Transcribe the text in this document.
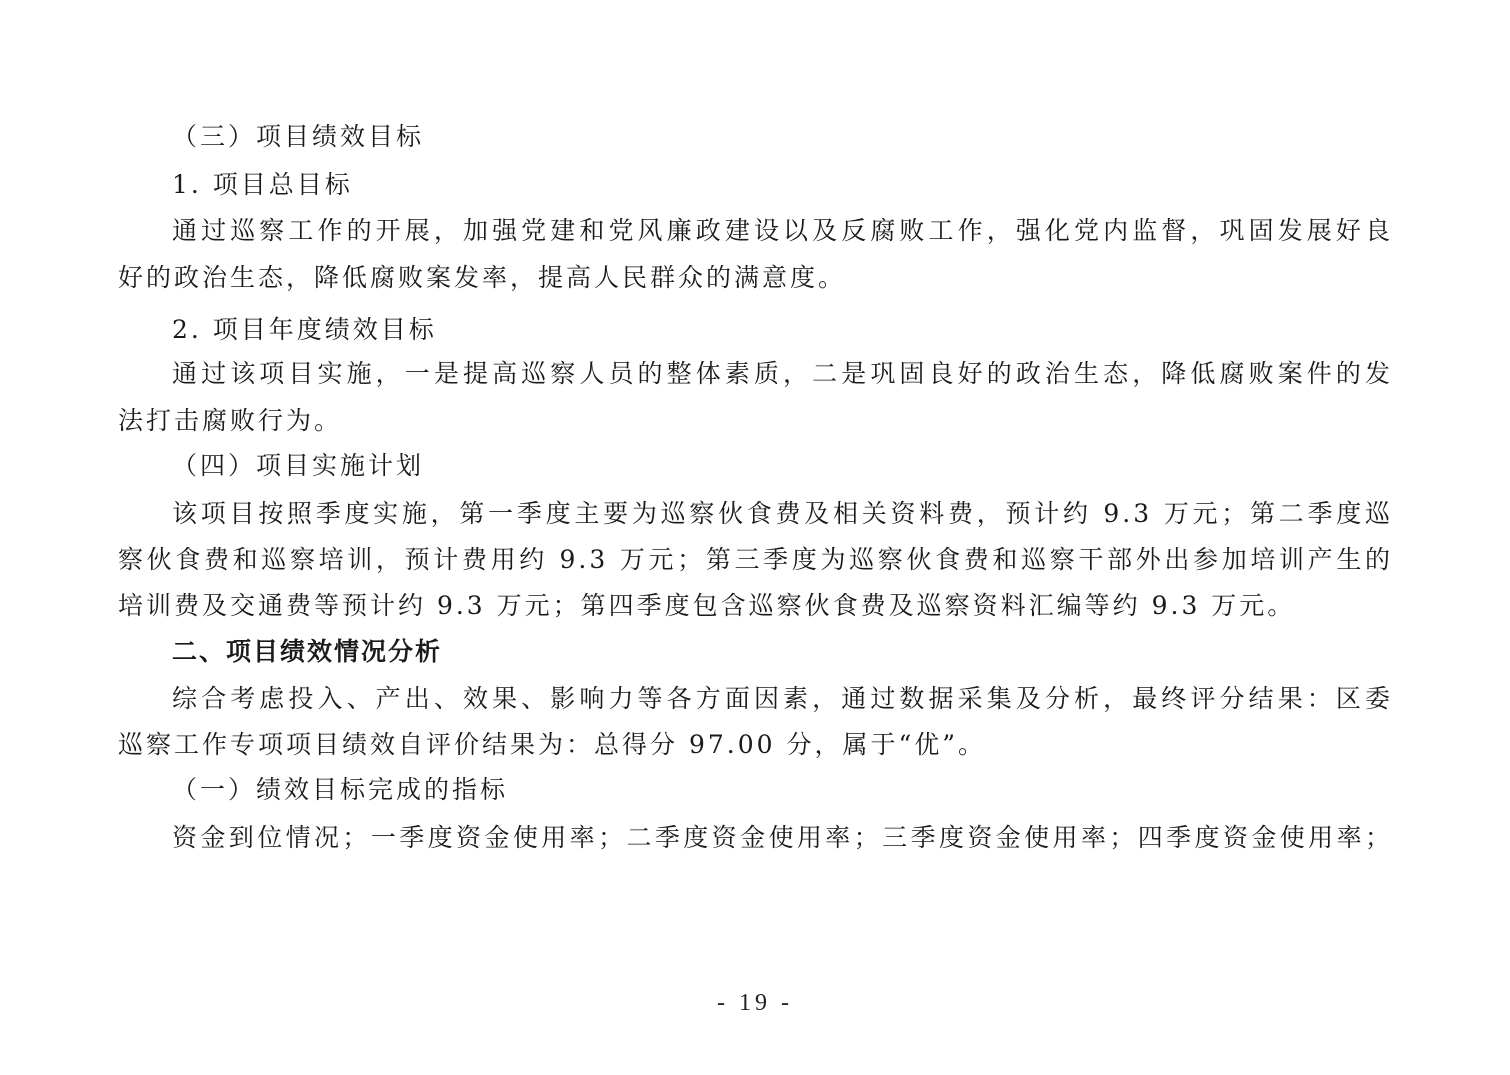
（三）项目绩效目标
1. 项目总目标
通过巡察工作的开展，加强党建和党风廉政建设以及反腐败工作，强化党内监督，巩固发展好良
好的政治生态，降低腐败案发率，提高人民群众的满意度。
2. 项目年度绩效目标
通过该项目实施，一是提高巡察人员的整体素质，二是巩固良好的政治生态，降低腐败案件的发
法打击腐败行为。
（四）项目实施计划
该项目按照季度实施，第一季度主要为巡察伙食费及相关资料费，预计约 9.3 万元；第二季度巡
察伙食费和巡察培训，预计费用约 9.3 万元；第三季度为巡察伙食费和巡察干部外出参加培训产生的
培训费及交通费等预计约 9.3 万元；第四季度包含巡察伙食费及巡察资料汇编等约 9.3 万元。
二、项目绩效情况分析
综合考虑投入、产出、效果、影响力等各方面因素，通过数据采集及分析，最终评分结果：区委
巡察工作专项项目绩效自评价结果为：总得分 97.00 分，属于“优”。
（一）绩效目标完成的指标
资金到位情况；一季度资金使用率；二季度资金使用率；三季度资金使用率；四季度资金使用率；
- 19 -
